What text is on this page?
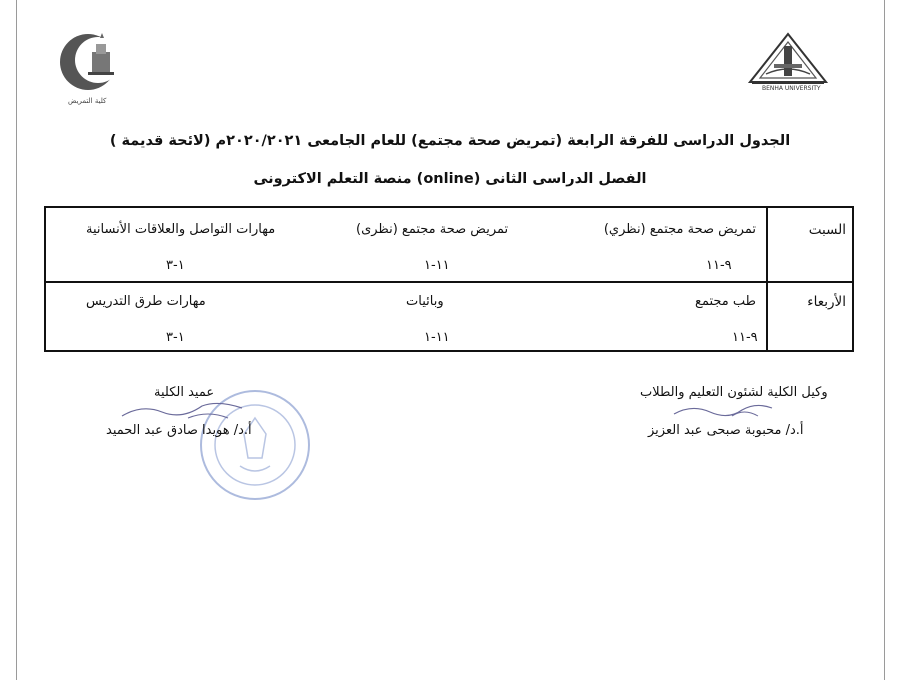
كلية التمريض
BENHA UNIVERSITY
الجدول الدراسى للفرقة الرابعة (تمريض صحة مجتمع) للعام الجامعى ٢٠٢٠/٢٠٢١م (لائحة قديمة )
الفصل الدراسى الثانى (online) منصة التعلم الاكترونى
السبت
تمريض صحة مجتمع (نظري)
٩-١١
تمريض صحة مجتمع (نظرى)
١١-١
مهارات التواصل والعلاقات الأنسانية
١-٣
الأربعاء
طب مجتمع
٩-١١
وبائيات
١١-١
مهارات طرق التدريس
١-٣
وكيل الكلية لشئون التعليم والطلاب
أ.د/ محبوبة صبحى عبد العزيز
عميد الكلية
أ.د/ هويدا صادق عبد الحميد
